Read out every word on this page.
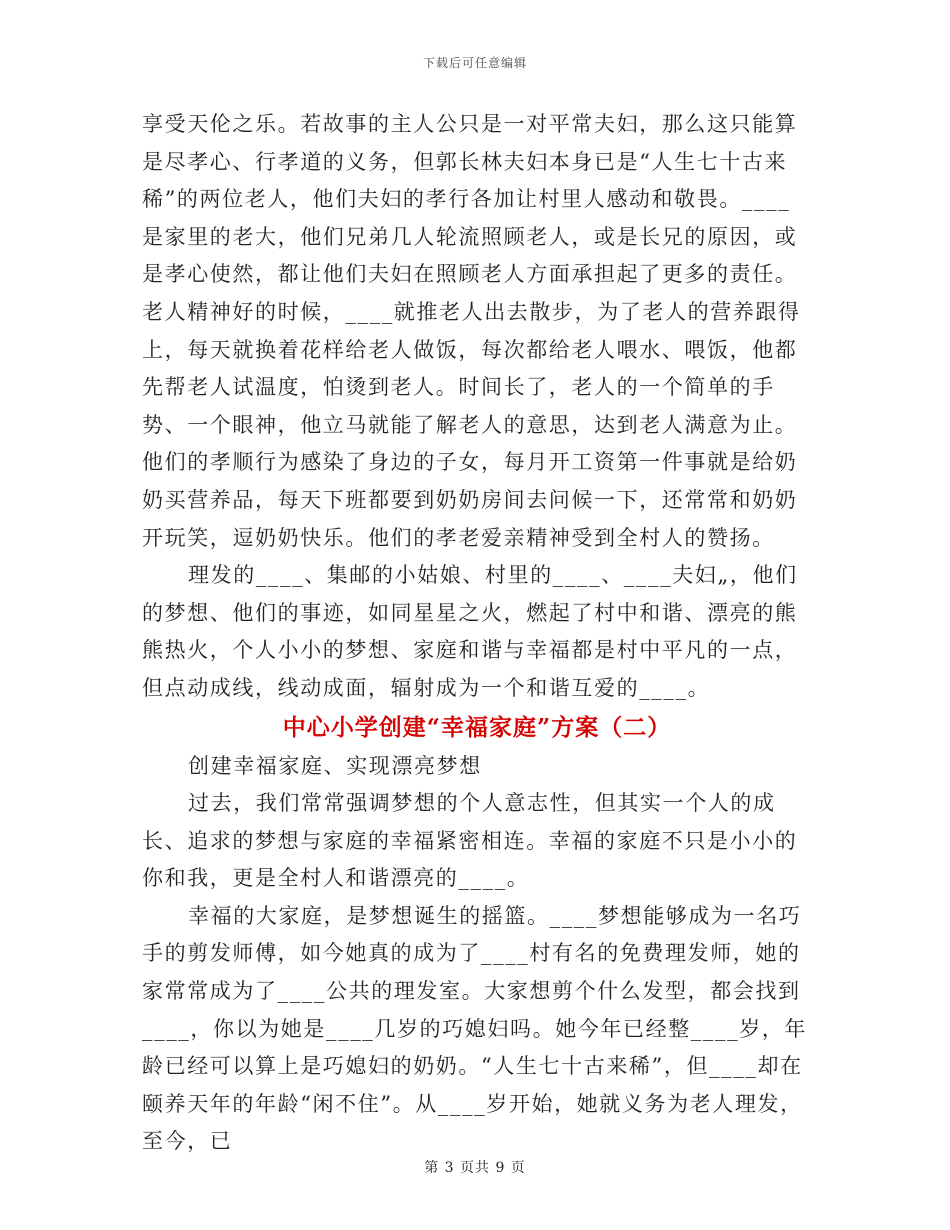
下载后可任意编辑

享受天伦之乐。若故事的主人公只是一对平常夫妇，那么这只能算是尽孝心、行孝道的义务，但郭长林夫妇本身已是“人生七十古来稀”的两位老人，他们夫妇的孝行各加让村里人感动和敬畏。____是家里的老大，他们兄弟几人轮流照顾老人，或是长兄的原因，或是孝心使然，都让他们夫妇在照顾老人方面承担起了更多的责任。老人精神好的时候，____就推老人出去散步，为了老人的营养跟得上，每天就换着花样给老人做饭，每次都给老人喂水、喂饭，他都先帮老人试温度，怕烫到老人。时间长了，老人的一个简单的手势、一个眼神，他立马就能了解老人的意思，达到老人满意为止。他们的孝顺行为感染了身边的子女，每月开工资第一件事就是给奶奶买营养品，每天下班都要到奶奶房间去问候一下，还常常和奶奶开玩笑，逗奶奶快乐。他们的孝老爱亲精神受到全村人的赞扬。

理发的____、集邮的小姑娘、村里的____、____夫妇„，他们的梦想、他们的事迹，如同星星之火，燃起了村中和谐、漂亮的熊熊热火，个人小小的梦想、家庭和谐与幸福都是村中平凡的一点，但点动成线，线动成面，辐射成为一个和谐互爱的____。

中心小学创建“幸福家庭”方案（二）

创建幸福家庭、实现漂亮梦想

过去，我们常常强调梦想的个人意志性，但其实一个人的成长、追求的梦想与家庭的幸福紧密相连。幸福的家庭不只是小小的你和我，更是全村人和谐漂亮的____。

幸福的大家庭，是梦想诞生的摇篮。____梦想能够成为一名巧手的剪发师傅，如今她真的成为了____村有名的免费理发师，她的家常常成为了____公共的理发室。大家想剪个什么发型，都会找到____，你以为她是____几岁的巧媳妇吗。她今年已经整____岁，年龄已经可以算上是巧媳妇的奶奶。“人生七十古来稀”，但____却在颐养天年的年龄“闲不住”。从____岁开始，她就义务为老人理发，至今，已

第 3 页共 9 页
